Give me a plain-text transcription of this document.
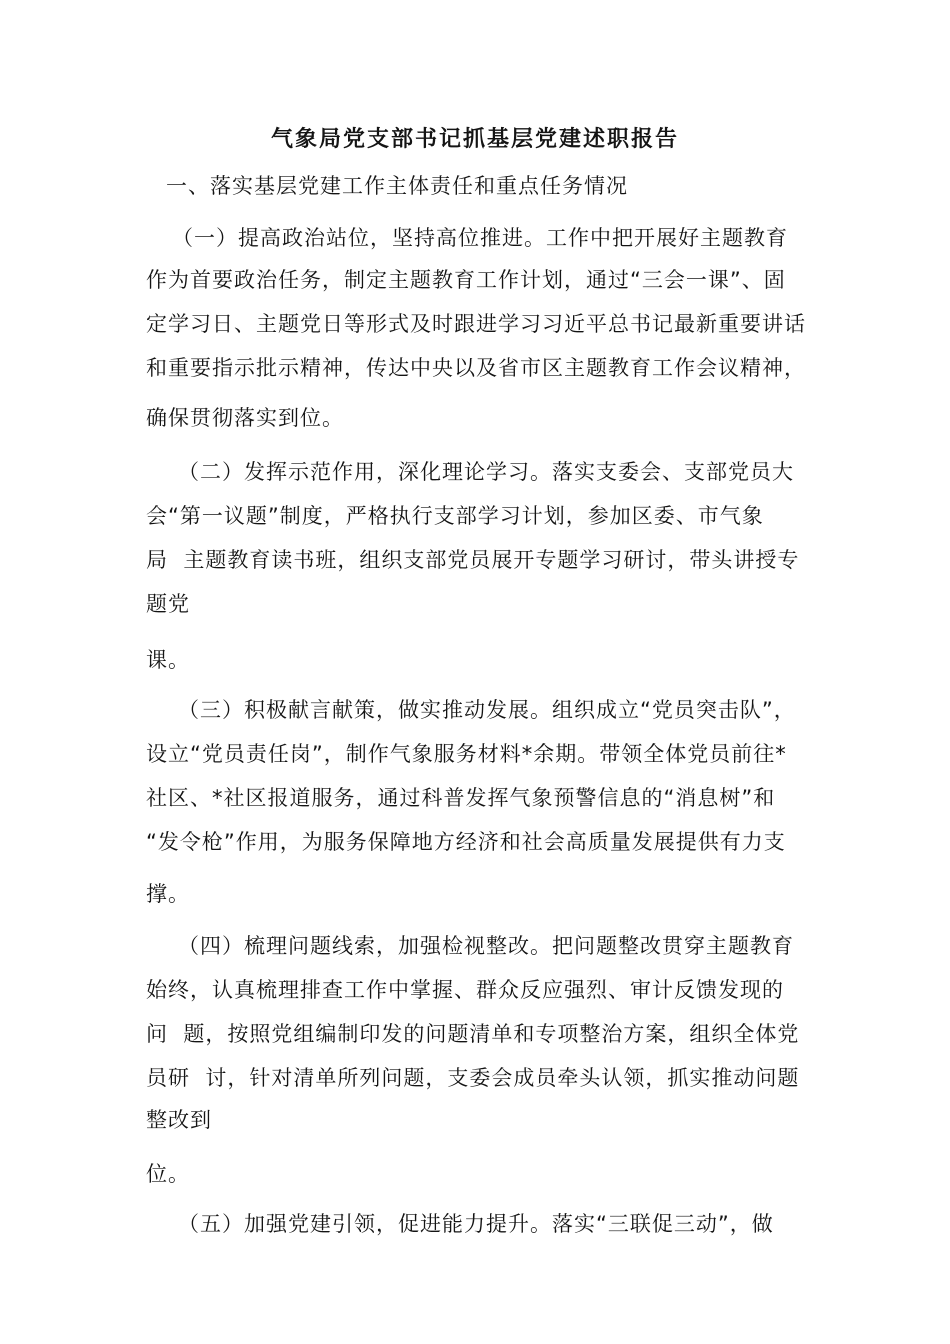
气象局党支部书记抓基层党建述职报告
一、落实基层党建工作主体责任和重点任务情况
（一）提高政治站位，坚持高位推进。工作中把开展好主题教育
作为首要政治任务，制定主题教育工作计划，通过“三会一课”、固
定学习日、主题党日等形式及时跟进学习习近平总书记最新重要讲话
和重要指示批示精神，传达中央以及省市区主题教育工作会议精神，
确保贯彻落实到位。
（二）发挥示范作用，深化理论学习。落实支委会、支部党员大
会“第一议题”制度，严格执行支部学习计划，参加区委、市气象
局  主题教育读书班，组织支部党员展开专题学习研讨，带头讲授专
题党
课。
（三）积极献言献策，做实推动发展。组织成立“党员突击队”，
设立“党员责任岗”，制作气象服务材料*余期。带领全体党员前往*
社区、*社区报道服务，通过科普发挥气象预警信息的“消息树”和
“发令枪”作用，为服务保障地方经济和社会高质量发展提供有力支
撑。
（四）梳理问题线索，加强检视整改。把问题整改贯穿主题教育
始终，认真梳理排查工作中掌握、群众反应强烈、审计反馈发现的
问  题，按照党组编制印发的问题清单和专项整治方案，组织全体党
员研  讨，针对清单所列问题，支委会成员牵头认领，抓实推动问题
整改到
位。
（五）加强党建引领，促进能力提升。落实“三联促三动”，做
